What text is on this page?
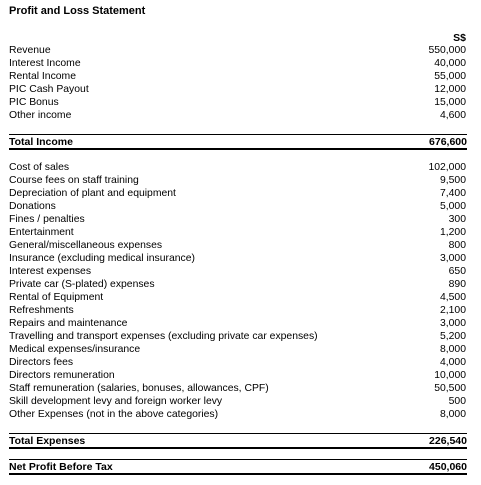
Profit and Loss Statement
S$
Revenue	550,000
Interest Income	40,000
Rental Income	55,000
PIC Cash Payout	12,000
PIC Bonus	15,000
Other income	4,600
Total Income	676,600
Cost of sales	102,000
Course fees on staff training	9,500
Depreciation of plant and equipment	7,400
Donations	5,000
Fines / penalties	300
Entertainment	1,200
General/miscellaneous expenses	800
Insurance (excluding medical insurance)	3,000
Interest expenses	650
Private car (S-plated) expenses	890
Rental of Equipment	4,500
Refreshments	2,100
Repairs and maintenance	3,000
Travelling and transport expenses (excluding private car expenses)	5,200
Medical expenses/insurance	8,000
Directors fees	4,000
Directors remuneration	10,000
Staff remuneration (salaries, bonuses, allowances, CPF)	50,500
Skill development levy and foreign worker levy	500
Other Expenses (not in the above categories)	8,000
Total Expenses	226,540
Net Profit Before Tax	450,060
